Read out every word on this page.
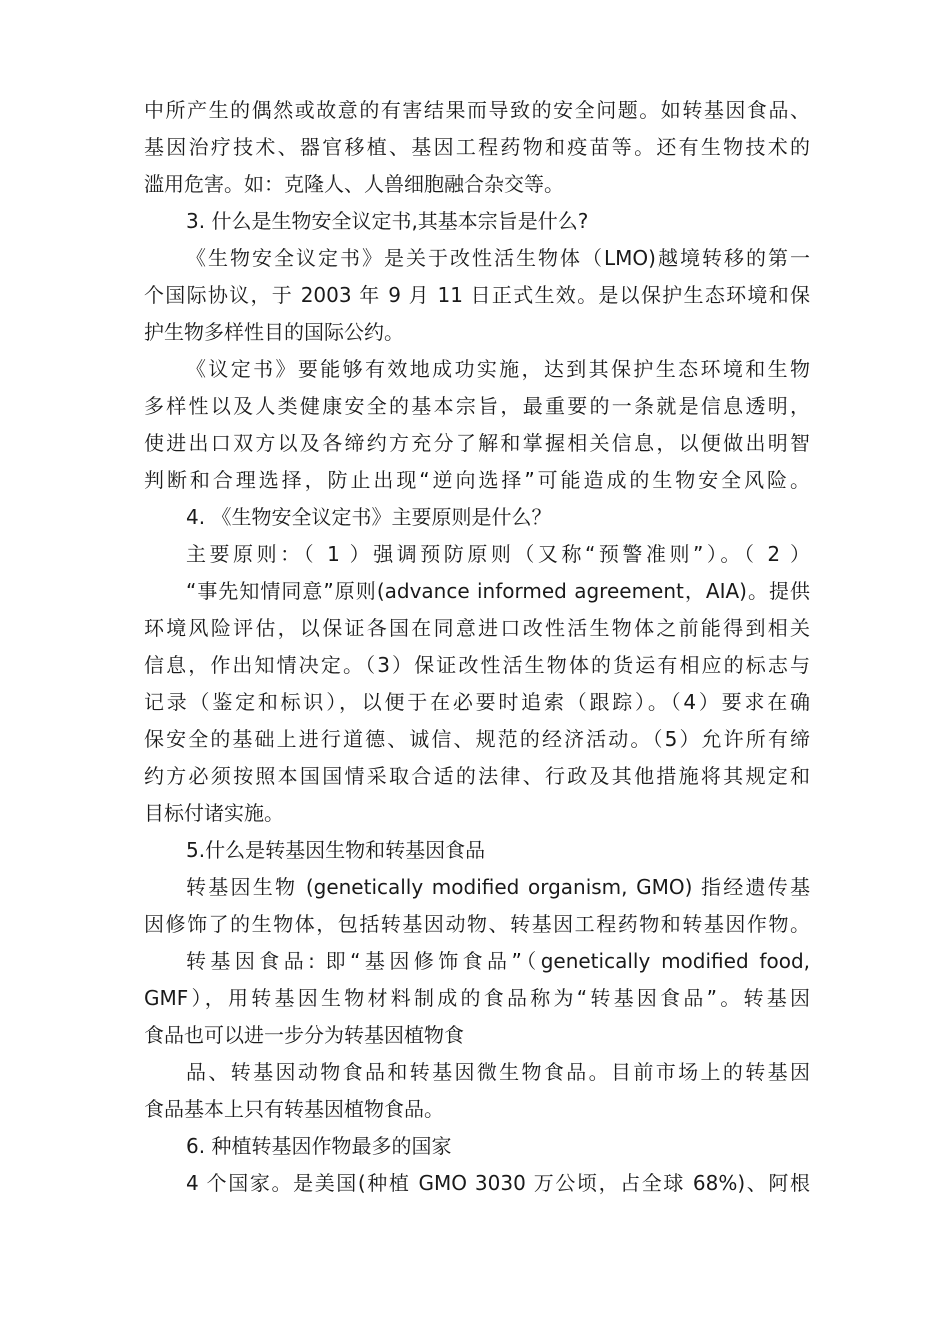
中所产生的偶然或故意的有害结果而导致的安全问题。如转基因食品、
基因治疗技术、器官移植、基因工程药物和疫苗等。还有生物技术的
滥用危害。如：克隆人、人兽细胞融合杂交等。
3. 什么是生物安全议定书,其基本宗旨是什么?
《生物安全议定书》是关于改性活生物体（LMO)越境转移的第一
个国际协议，于 2003 年 9 月 11 日正式生效。是以保护生态环境和保
护生物多样性目的国际公约。
《议定书》要能够有效地成功实施，达到其保护生态环境和生物
多样性以及人类健康安全的基本宗旨，最重要的一条就是信息透明，
使进出口双方以及各缔约方充分了解和掌握相关信息，以便做出明智
判断和合理选择，防止出现“逆向选择”可能造成的生物安全风险。
4. 《生物安全议定书》主要原则是什么？
主要原则：（ 1 ）强调预防原则（又称“预警准则”）。（ 2 ）
“事先知情同意”原则(advance informed agreement，AIA)。提供
环境风险评估，以保证各国在同意进口改性活生物体之前能得到相关
信息，作出知情决定。（3）保证改性活生物体的货运有相应的标志与
记录（鉴定和标识），以便于在必要时追索（跟踪）。（4）要求在确
保安全的基础上进行道德、诚信、规范的经济活动。（5）允许所有缔
约方必须按照本国国情采取合适的法律、行政及其他措施将其规定和
目标付诸实施。
5.什么是转基因生物和转基因食品
转基因生物 (genetically modified organism, GMO) 指经遗传基
因修饰了的生物体，包括转基因动物、转基因工程药物和转基因作物。
转基因食品: 即“基因修饰食品”（genetically modified food,
GMF），用转基因生物材料制成的食品称为“转基因食品”。转基因
食品也可以进一步分为转基因植物食
品、转基因动物食品和转基因微生物食品。目前市场上的转基因
食品基本上只有转基因植物食品。
6. 种植转基因作物最多的国家
4 个国家。是美国(种植 GMO 3030 万公顷，占全球 68%)、阿根
